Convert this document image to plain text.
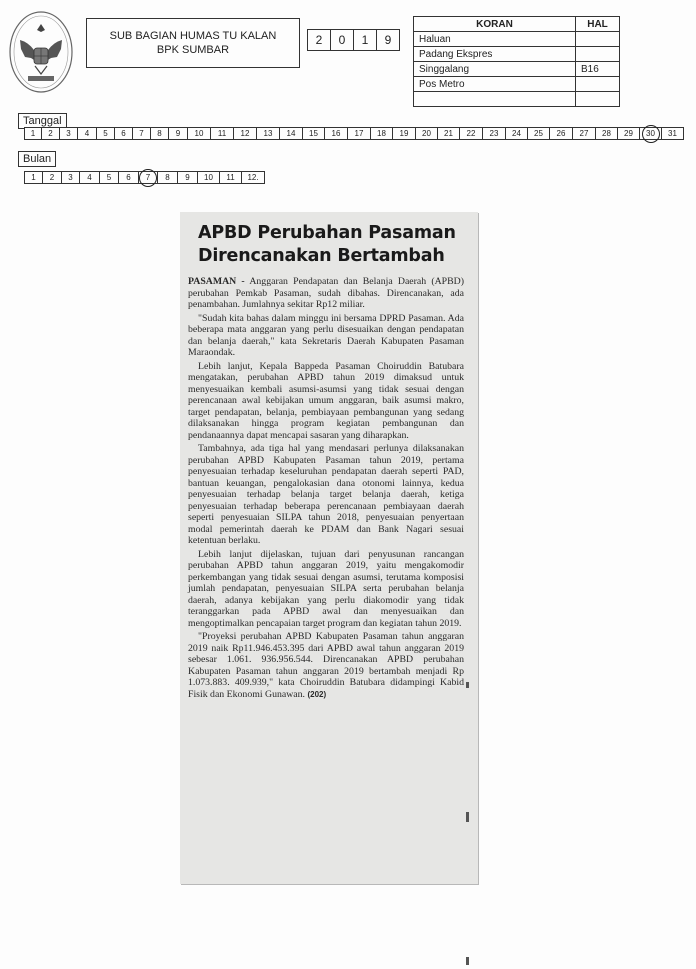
SUB BAGIAN HUMAS TU KALAN
BPK SUMBAR
2	0	1	9
KORAN	HAL
Haluan	
Padang Ekspres	
Singgalang	B16
Pos Metro	

Tanggal
1	2	3	4	5	6	7	8	9	10	11	12	13	14	15	16	17	18	19	20	21	22	23	24	25	26	27	28	29	30	31
Bulan
1	2	3	4	5	6	7	8	9	10	11	12.
APBD Perubahan Pasaman
Direncanakan Bertambah

PASAMAN - Anggaran Pendapatan dan Belanja Daerah (APBD) perubahan Pemkab Pasaman, sudah dibahas. Direncanakan, ada penambahan. Jumlahnya sekitar Rp12 miliar.

"Sudah kita bahas dalam minggu ini bersama DPRD Pasaman. Ada beberapa mata anggaran yang perlu disesuaikan dengan pendapatan dan belanja daerah," kata Sekretaris Daerah Kabupaten Pasaman Maraondak.

Lebih lanjut, Kepala Bappeda Pasaman Choiruddin Batubara mengatakan, perubahan APBD tahun 2019 dimaksud untuk menyesuaikan kembali asumsi-asumsi yang tidak sesuai dengan perencanaan awal kebijakan umum anggaran, baik asumsi makro, target pendapatan, belanja, pembiayaan pembangunan yang sedang dilaksanakan hingga program kegiatan pembangunan dan pendanaannya dapat mencapai sasaran yang diharapkan.

Tambahnya, ada tiga hal yang mendasari perlunya dilaksanakan perubahan APBD Kabupaten Pasaman tahun 2019, pertama penyesuaian terhadap keseluruhan pendapatan daerah seperti PAD, bantuan keuangan, pengalokasian dana otonomi lainnya, kedua penyesuaian terhadap belanja target belanja daerah, ketiga penyesuaian terhadap beberapa perencanaan pembiayaan daerah seperti penyesuaian SILPA tahun 2018, penyesuaian penyertaan modal pemerintah daerah ke PDAM dan Bank Nagari sesuai ketentuan berlaku.

Lebih lanjut dijelaskan, tujuan dari penyusunan rancangan perubahan APBD tahun anggaran 2019, yaitu mengakomodir perkembangan yang tidak sesuai dengan asumsi, terutama komposisi jumlah pendapatan, penyesuaian SILPA serta perubahan belanja daerah, adanya kebijakan yang perlu diakomodir yang tidak teranggarkan pada APBD awal dan menyesuaikan dan mengoptimalkan pencapaian target program dan kegiatan tahun 2019.

"Proyeksi perubahan APBD Kabupaten Pasaman tahun anggaran 2019 naik Rp11.946.453.395 dari APBD awal tahun anggaran 2019 sebesar 1.061. 936.956.544. Direncanakan APBD perubahan Kabupaten Pasaman tahun anggaran 2019 bertambah menjadi Rp 1.073.883. 409.939," kata Choiruddin Batubara didampingi Kabid Fisik dan Ekonomi Gunawan. (202)
